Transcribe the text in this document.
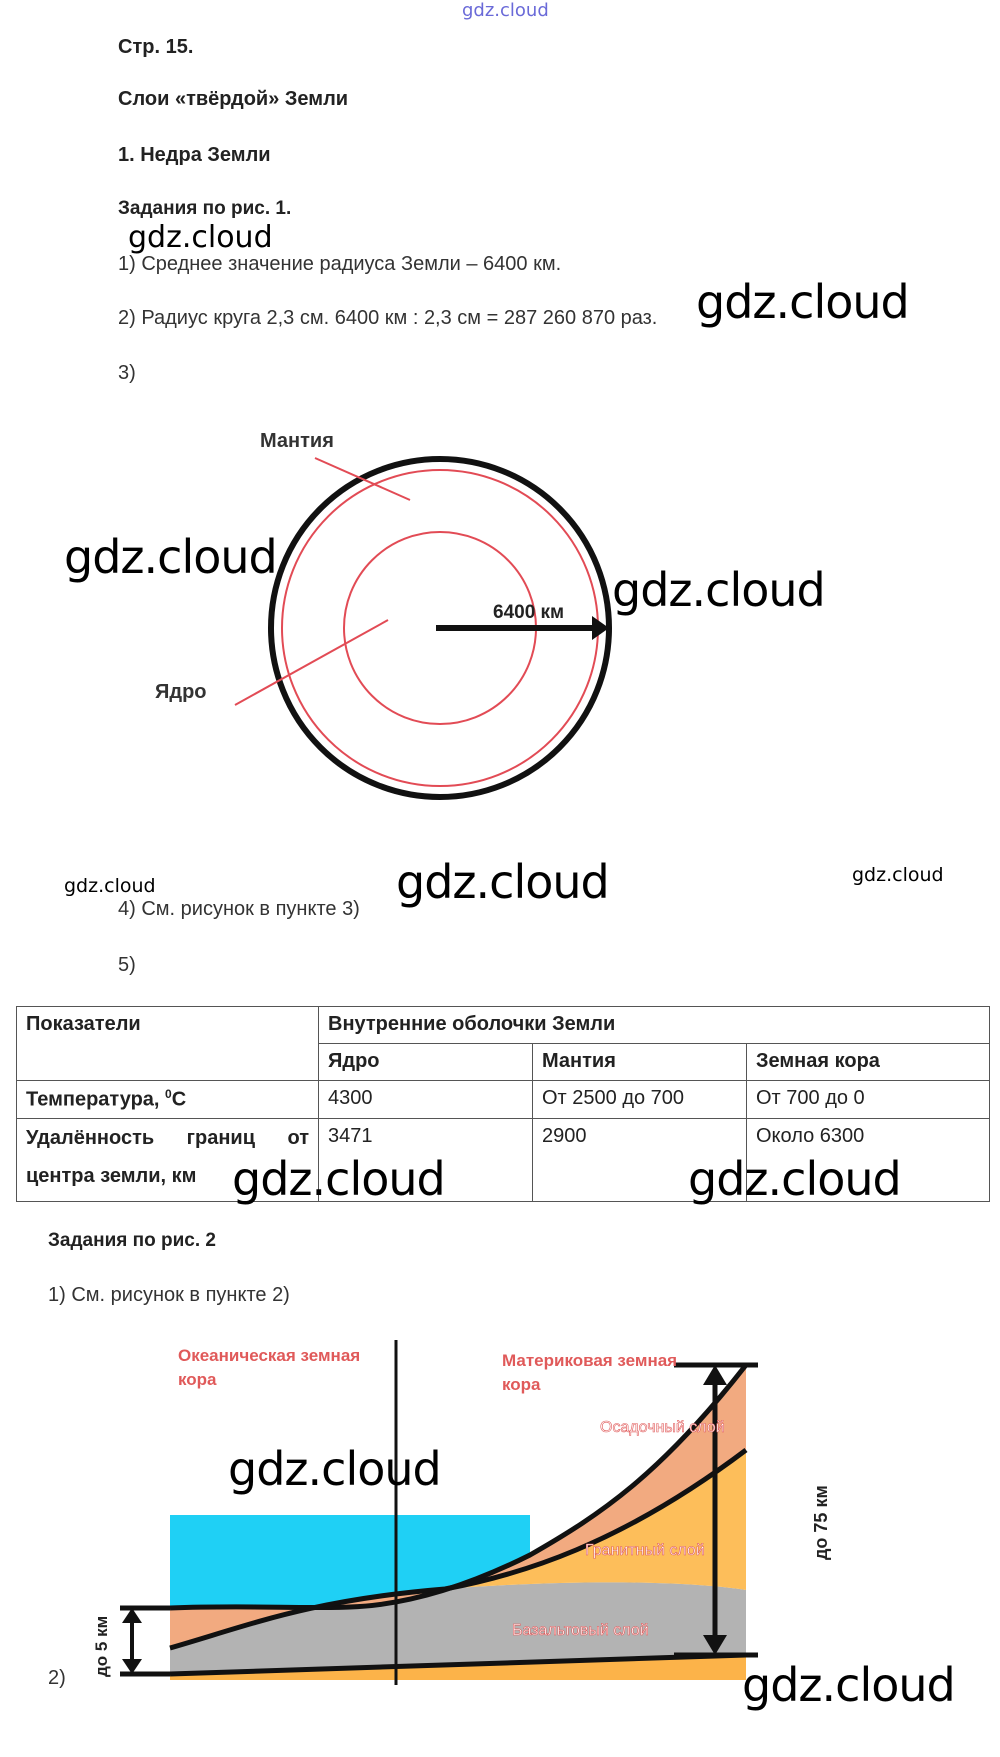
gdz.cloud
Стр. 15.
Слои «твёрдой» Земли
1. Недра Земли
Задания по рис. 1.
1) Среднее значение радиуса Земли – 6400 км.
2) Радиус круга 2,3 см. 6400 км : 2,3 см = 287 260 870 раз.
3)
gdz.cloud
gdz.cloud
Мантия
Ядро
6400 км
gdz.cloud
gdz.cloud
gdz.cloud	gdz.cloud	gdz.cloud
4) См. рисунок в пункте 3)
5)
Показатели	Внутренние оболочки Земли		
	Ядро	Мантия	Земная кора
Температура, $^0$С	4300	От 2500 до 700	От 700 до 0
Удалённость границ от центра земли, км	3471	2900	Около 6300
gdz.cloud	gdz.cloud
Задания по рис. 2
1) См. рисунок в пункте 2)
Океаническая земная
кора
Материковая земная
кора
Осадочный слой
Гранитный слой
Базальтовый слой
до 75 км
до 5 км
2)
gdz.cloud
gdz.cloud
